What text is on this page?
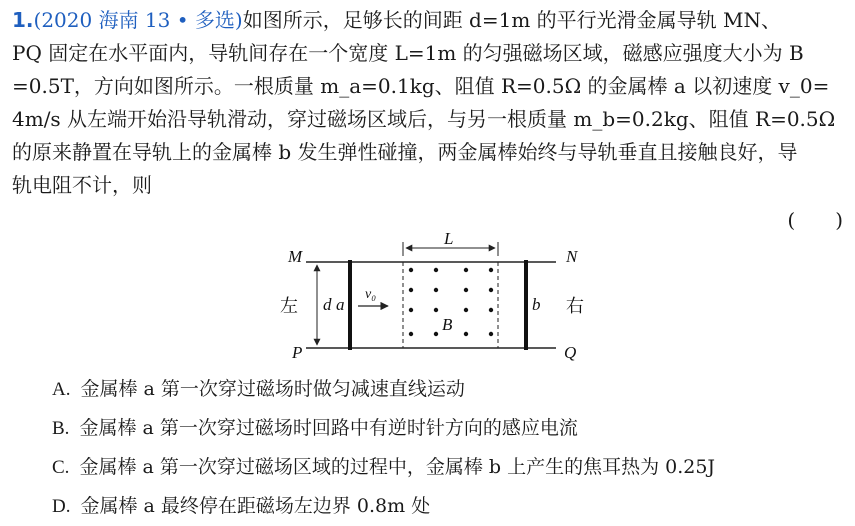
1.(2020 海南 13 • 多选)如图所示，足够长的间距 d=1m 的平行光滑金属导轨 MN、
PQ 固定在水平面内，导轨间存在一个宽度 L=1m 的匀强磁场区域，磁感应强度大小为 B
=0.5T，方向如图所示。一根质量 m_a=0.1kg、阻值 R=0.5Ω 的金属棒 a 以初速度 v_0=
4m/s 从左端开始沿导轨滑动，穿过磁场区域后，与另一根质量 m_b=0.2kg、阻值 R=0.5Ω
的原来静置在导轨上的金属棒 b 发生弹性碰撞，两金属棒始终与导轨垂直且接触良好，导
轨电阻不计，则
(　　)
M	N
P	Q
L
d a	b
B
v₀
左	右
A. 金属棒 a 第一次穿过磁场时做匀减速直线运动
B. 金属棒 a 第一次穿过磁场时回路中有逆时针方向的感应电流
C. 金属棒 a 第一次穿过磁场区域的过程中，金属棒 b 上产生的焦耳热为 0.25J
D. 金属棒 a 最终停在距磁场左边界 0.8m 处
